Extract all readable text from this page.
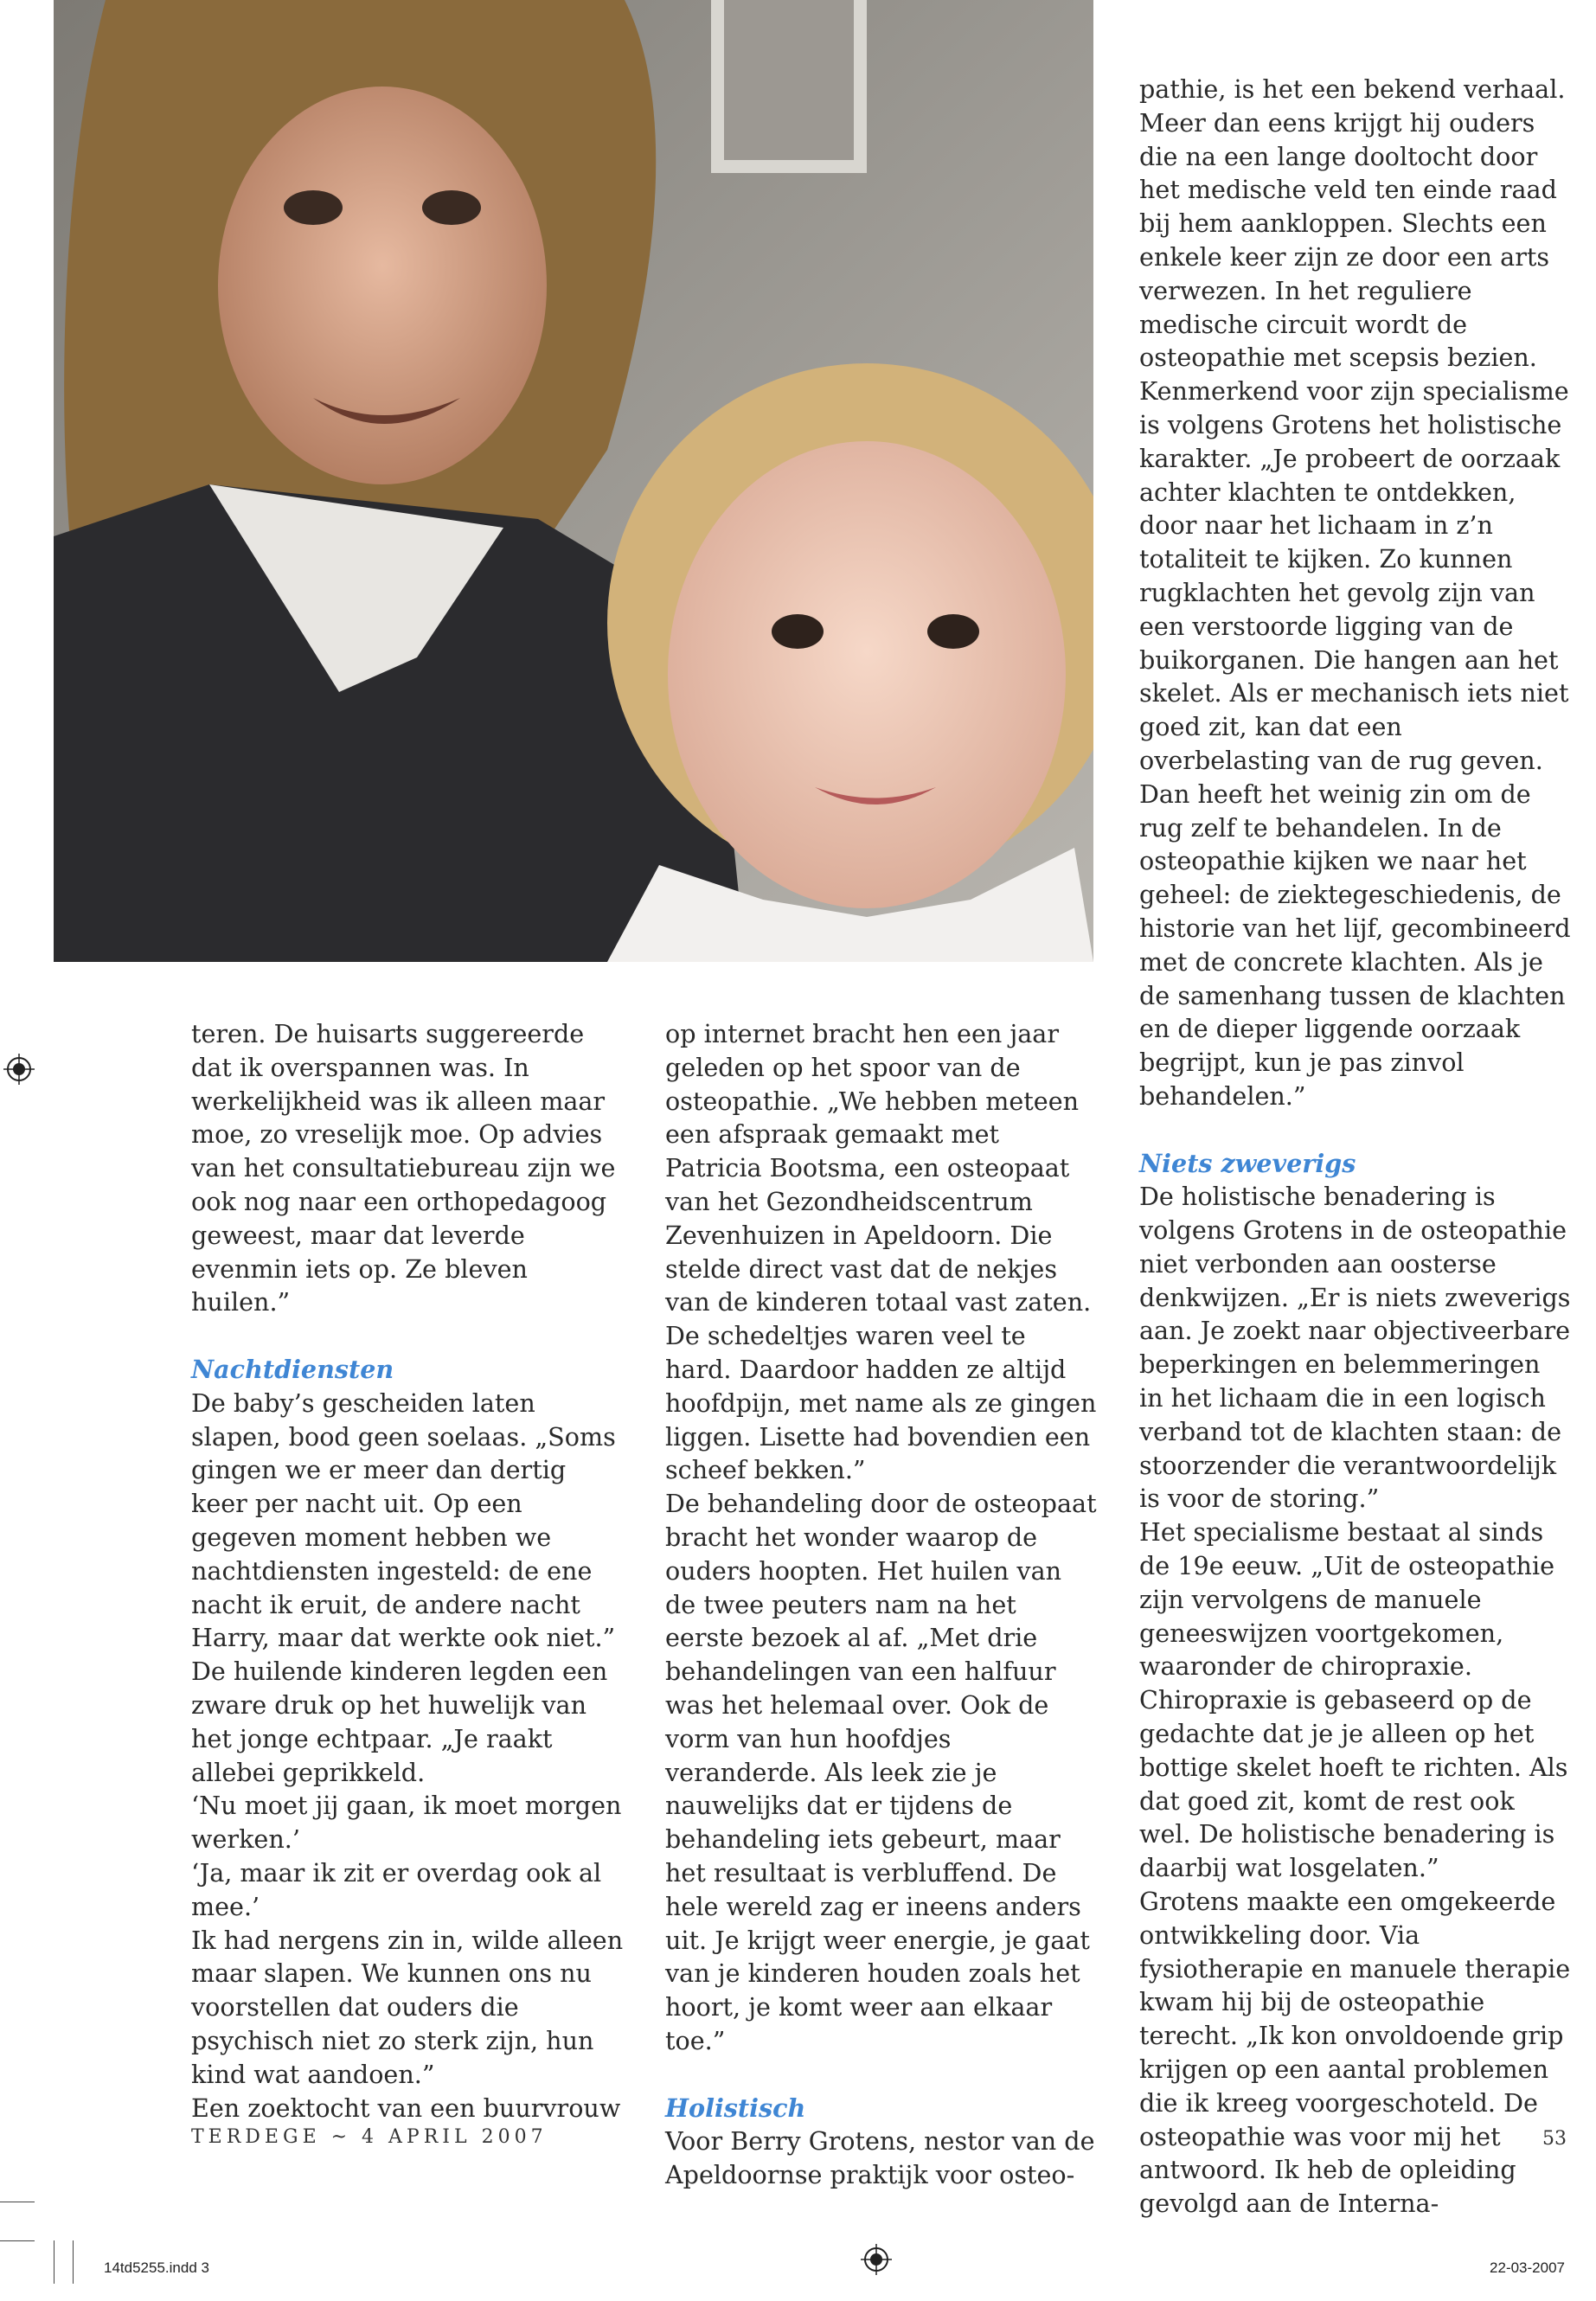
teren. De huisarts suggereerde dat ik overspannen was. In werkelijkheid was ik alleen maar moe, zo vreselijk moe. Op advies van het consultatiebureau zijn we ook nog naar een orthopedagoog geweest, maar dat leverde evenmin iets op. Ze bleven huilen.”

Nachtdiensten

De baby’s gescheiden laten slapen, bood geen soelaas. „Soms gingen we er meer dan dertig keer per nacht uit. Op een gegeven moment hebben we nachtdiensten ingesteld: de ene nacht ik eruit, de andere nacht Harry, maar dat werkte ook niet.”

De huilende kinderen legden een zware druk op het huwelijk van het jonge echtpaar. „Je raakt allebei geprikkeld.

‘Nu moet jij gaan, ik moet morgen werken.’

‘Ja, maar ik zit er overdag ook al mee.’

Ik had nergens zin in, wilde alleen maar slapen. We kunnen ons nu voorstellen dat ouders die psychisch niet zo sterk zijn, hun kind wat aandoen.”

Een zoektocht van een buurvrouw

op internet bracht hen een jaar geleden op het spoor van de osteopathie. „We hebben meteen een afspraak gemaakt met Patricia Bootsma, een osteopaat van het Gezondheidscentrum Zevenhuizen in Apeldoorn. Die stelde direct vast dat de nekjes van de kinderen totaal vast zaten. De schedeltjes waren veel te hard. Daardoor hadden ze altijd hoofdpijn, met name als ze gingen liggen. Lisette had bovendien een scheef bekken.”

De behandeling door de osteopaat bracht het wonder waarop de ouders hoopten. Het huilen van de twee peuters nam na het eerste bezoek al af. „Met drie behandelingen van een halfuur was het helemaal over. Ook de vorm van hun hoofdjes veranderde. Als leek zie je nauwelijks dat er tijdens de behandeling iets gebeurt, maar het resultaat is verbluffend. De hele wereld zag er ineens anders uit. Je krijgt weer energie, je gaat van je kinderen houden zoals het hoort, je komt weer aan elkaar toe.”

Holistisch

Voor Berry Grotens, nestor van de Apeldoornse praktijk voor osteo-

pathie, is het een bekend verhaal. Meer dan eens krijgt hij ouders die na een lange dooltocht door het medische veld ten einde raad bij hem aankloppen. Slechts een enkele keer zijn ze door een arts verwezen. In het reguliere medische circuit wordt de osteopathie met scepsis bezien.

Kenmerkend voor zijn specialisme is volgens Grotens het holistische karakter. „Je probeert de oorzaak achter klachten te ontdekken, door naar het lichaam in z’n totaliteit te kijken. Zo kunnen rugklachten het gevolg zijn van een verstoorde ligging van de buikorganen. Die hangen aan het skelet. Als er mechanisch iets niet goed zit, kan dat een overbelasting van de rug geven. Dan heeft het weinig zin om de rug zelf te behandelen. In de osteopathie kijken we naar het geheel: de ziektegeschiedenis, de historie van het lijf, gecombineerd met de concrete klachten. Als je de samenhang tussen de klachten en de dieper liggende oorzaak begrijpt, kun je pas zinvol behandelen.”

Niets zweverigs

De holistische benadering is volgens Grotens in de osteopathie niet verbonden aan oosterse denkwijzen. „Er is niets zweverigs aan. Je zoekt naar objectiveerbare beperkingen en belemmeringen in het lichaam die in een logisch verband tot de klachten staan: de stoorzender die verantwoordelijk is voor de storing.”

Het specialisme bestaat al sinds de 19e eeuw. „Uit de osteopathie zijn vervolgens de manuele geneeswijzen voortgekomen, waaronder de chiropraxie. Chiropraxie is gebaseerd op de gedachte dat je je alleen op het bottige skelet hoeft te richten. Als dat goed zit, komt de rest ook wel. De holistische benadering is daarbij wat losgelaten.”

Grotens maakte een omgekeerde ontwikkeling door. Via fysiotherapie en manuele therapie kwam hij bij de osteopathie terecht. „Ik kon onvoldoende grip krijgen op een aantal problemen die ik kreeg voorgeschoteld. De osteopathie was voor mij het antwoord. Ik heb de opleiding gevolgd aan de Interna-

TERDEGE ~ 4 APRIL 2007	53
14td5255.indd 3	22-03-2007
